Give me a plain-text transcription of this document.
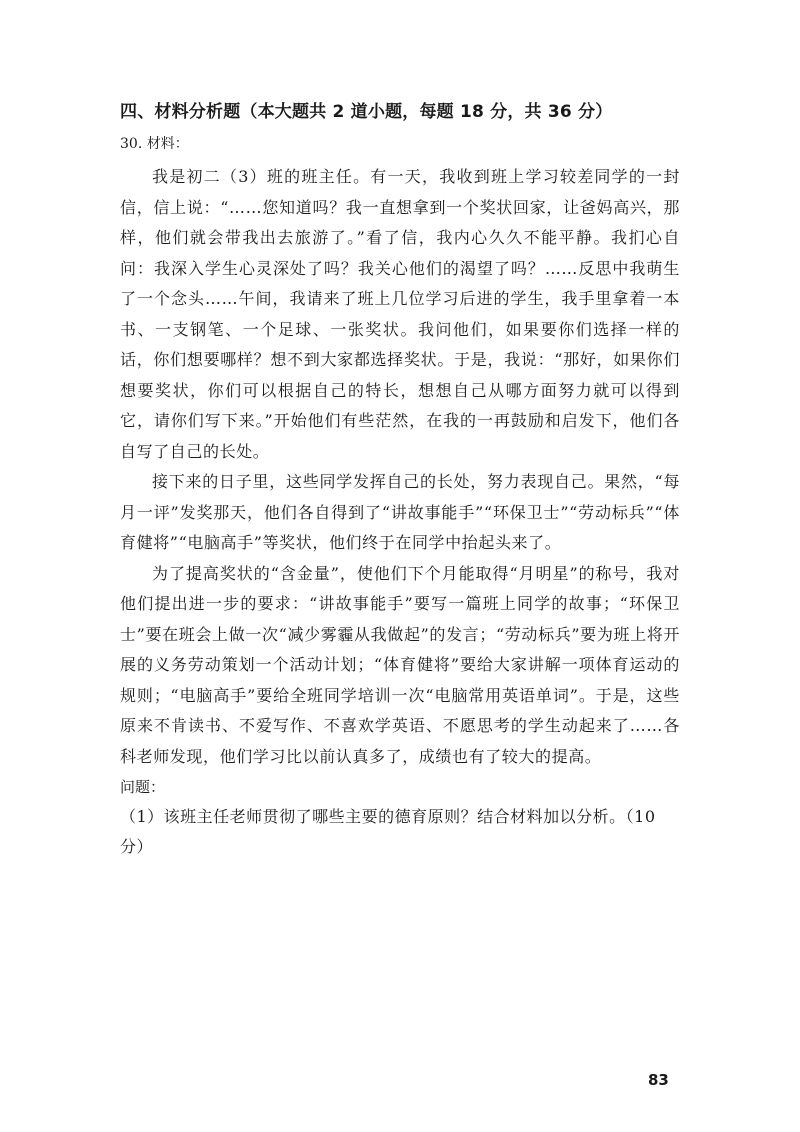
四、材料分析题（本大题共 2 道小题，每题 18 分，共 36 分）
30. 材料：

我是初二（3）班的班主任。有一天，我收到班上学习较差同学的一封信，信上说：“……您知道吗？我一直想拿到一个奖状回家，让爸妈高兴，那样，他们就会带我出去旅游了。”看了信，我内心久久不能平静。我扪心自问：我深入学生心灵深处了吗？我关心他们的渴望了吗？……反思中我萌生了一个念头……午间，我请来了班上几位学习后进的学生，我手里拿着一本书、一支钢笔、一个足球、一张奖状。我问他们，如果要你们选择一样的话，你们想要哪样？想不到大家都选择奖状。于是，我说：“那好，如果你们想要奖状，你们可以根据自己的特长，想想自己从哪方面努力就可以得到它，请你们写下来。”开始他们有些茫然，在我的一再鼓励和启发下，他们各自写了自己的长处。

接下来的日子里，这些同学发挥自己的长处，努力表现自己。果然，“每月一评”发奖那天，他们各自得到了“讲故事能手”“环保卫士”“劳动标兵”“体育健将”“电脑高手”等奖状，他们终于在同学中抬起头来了。

为了提高奖状的“含金量”，使他们下个月能取得“月明星”的称号，我对他们提出进一步的要求：“讲故事能手”要写一篇班上同学的故事；“环保卫士”要在班会上做一次“减少雾霾从我做起”的发言；“劳动标兵”要为班上将开展的义务劳动策划一个活动计划；“体育健将”要给大家讲解一项体育运动的规则；“电脑高手”要给全班同学培训一次“电脑常用英语单词”。于是，这些原来不肯读书、不爱写作、不喜欢学英语、不愿思考的学生动起来了……各科老师发现，他们学习比以前认真多了，成绩也有了较大的提高。

问题：
（1）该班主任老师贯彻了哪些主要的德育原则？结合材料加以分析。（10 分）
83
